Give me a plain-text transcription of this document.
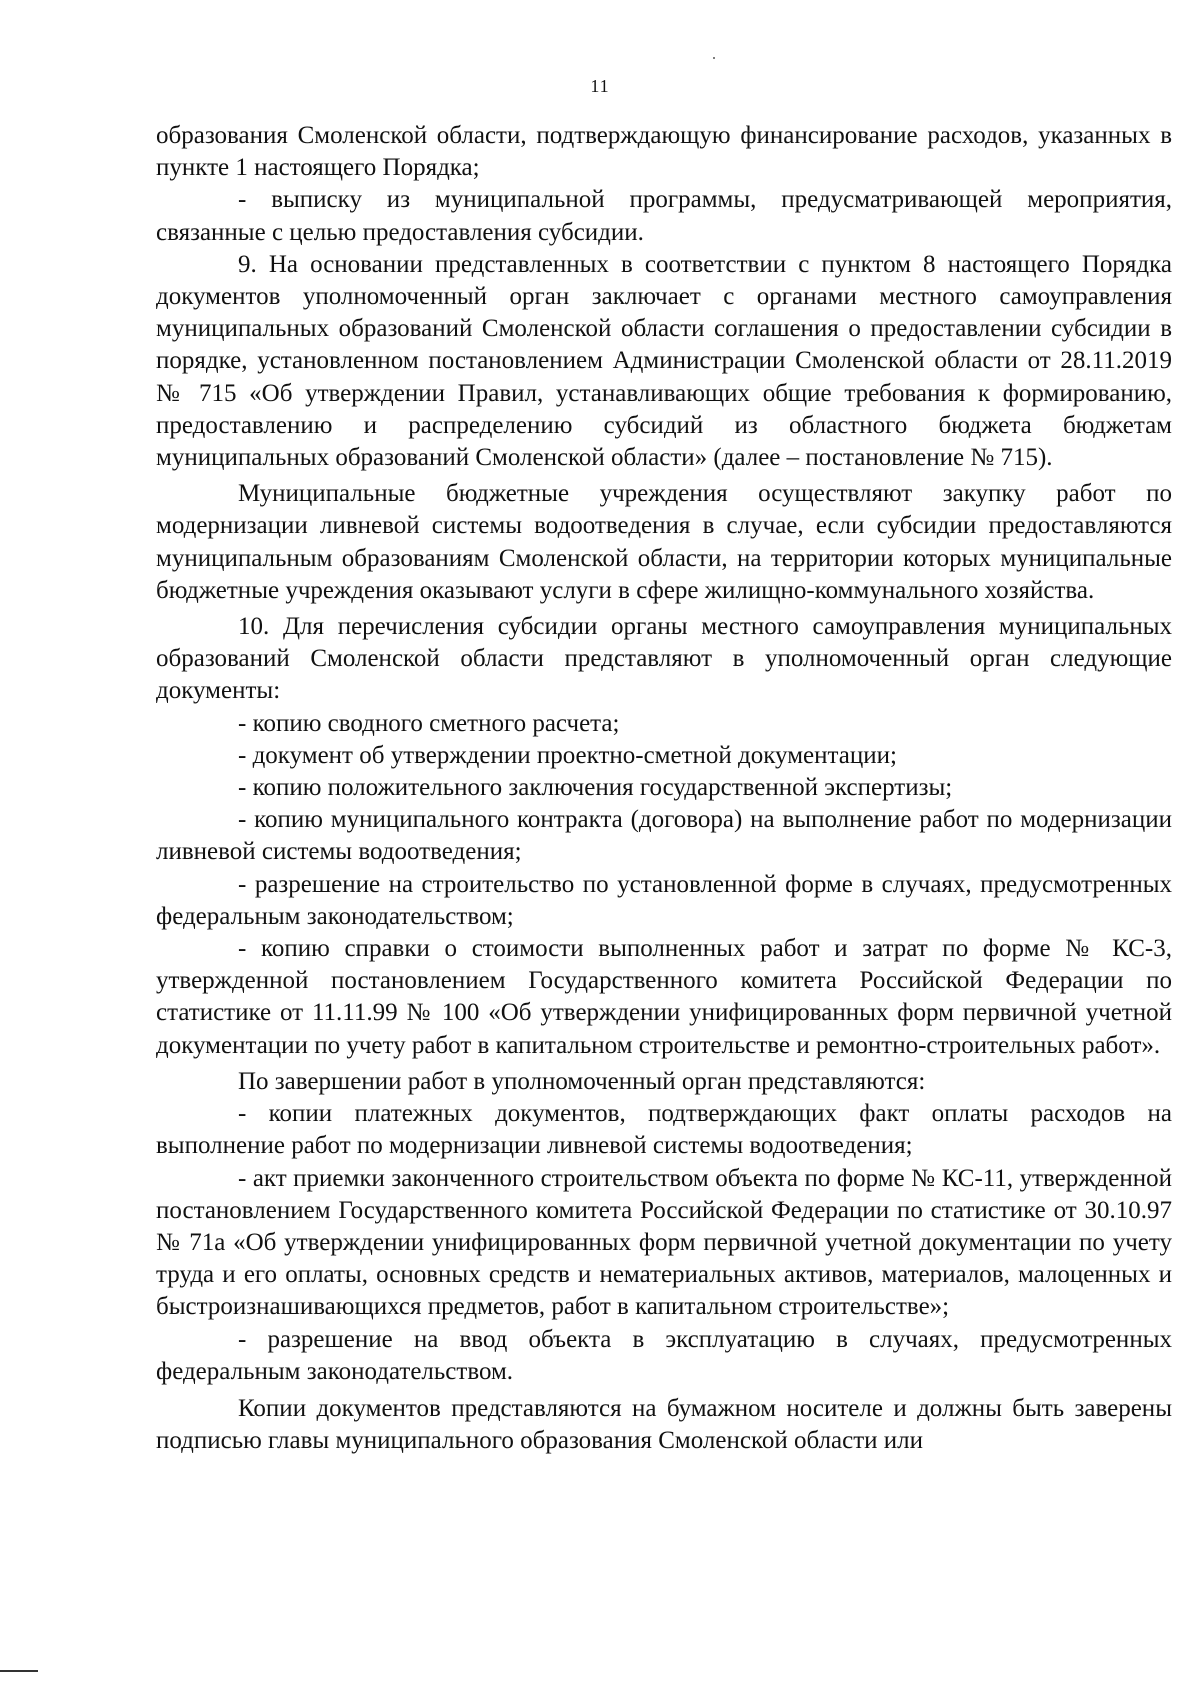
11

образования Смоленской области, подтверждающую финансирование расходов, указанных в пункте 1 настоящего Порядка;

- выписку из муниципальной программы, предусматривающей мероприятия, связанные с целью предоставления субсидии.

9. На основании представленных в соответствии с пунктом 8 настоящего Порядка документов уполномоченный орган заключает с органами местного самоуправления муниципальных образований Смоленской области соглашения о предоставлении субсидии в порядке, установленном постановлением Администрации Смоленской области от 28.11.2019 № 715 «Об утверждении Правил, устанавливающих общие требования к формированию, предоставлению и распределению субсидий из областного бюджета бюджетам муниципальных образований Смоленской области» (далее – постановление № 715).

Муниципальные бюджетные учреждения осуществляют закупку работ по модернизации ливневой системы водоотведения в случае, если субсидии предоставляются муниципальным образованиям Смоленской области, на территории которых муниципальные бюджетные учреждения оказывают услуги в сфере жилищно-коммунального хозяйства.

10. Для перечисления субсидии органы местного самоуправления муниципальных образований Смоленской области представляют в уполномоченный орган следующие документы:

- копию сводного сметного расчета;

- документ об утверждении проектно-сметной документации;

- копию положительного заключения государственной экспертизы;

- копию муниципального контракта (договора) на выполнение работ по модернизации ливневой системы водоотведения;

- разрешение на строительство по установленной форме в случаях, предусмотренных федеральным законодательством;

- копию справки о стоимости выполненных работ и затрат по форме № КС-3, утвержденной постановлением Государственного комитета Российской Федерации по статистике от 11.11.99 № 100 «Об утверждении унифицированных форм первичной учетной документации по учету работ в капитальном строительстве и ремонтно-строительных работ».

По завершении работ в уполномоченный орган представляются:

- копии платежных документов, подтверждающих факт оплаты расходов на выполнение работ по модернизации ливневой системы водоотведения;

- акт приемки законченного строительством объекта по форме № КС-11, утвержденной постановлением Государственного комитета Российской Федерации по статистике от 30.10.97 № 71а «Об утверждении унифицированных форм первичной учетной документации по учету труда и его оплаты, основных средств и нематериальных активов, материалов, малоценных и быстроизнашивающихся предметов, работ в капитальном строительстве»;

- разрешение на ввод объекта в эксплуатацию в случаях, предусмотренных федеральным законодательством.

Копии документов представляются на бумажном носителе и должны быть заверены подписью главы муниципального образования Смоленской области или
